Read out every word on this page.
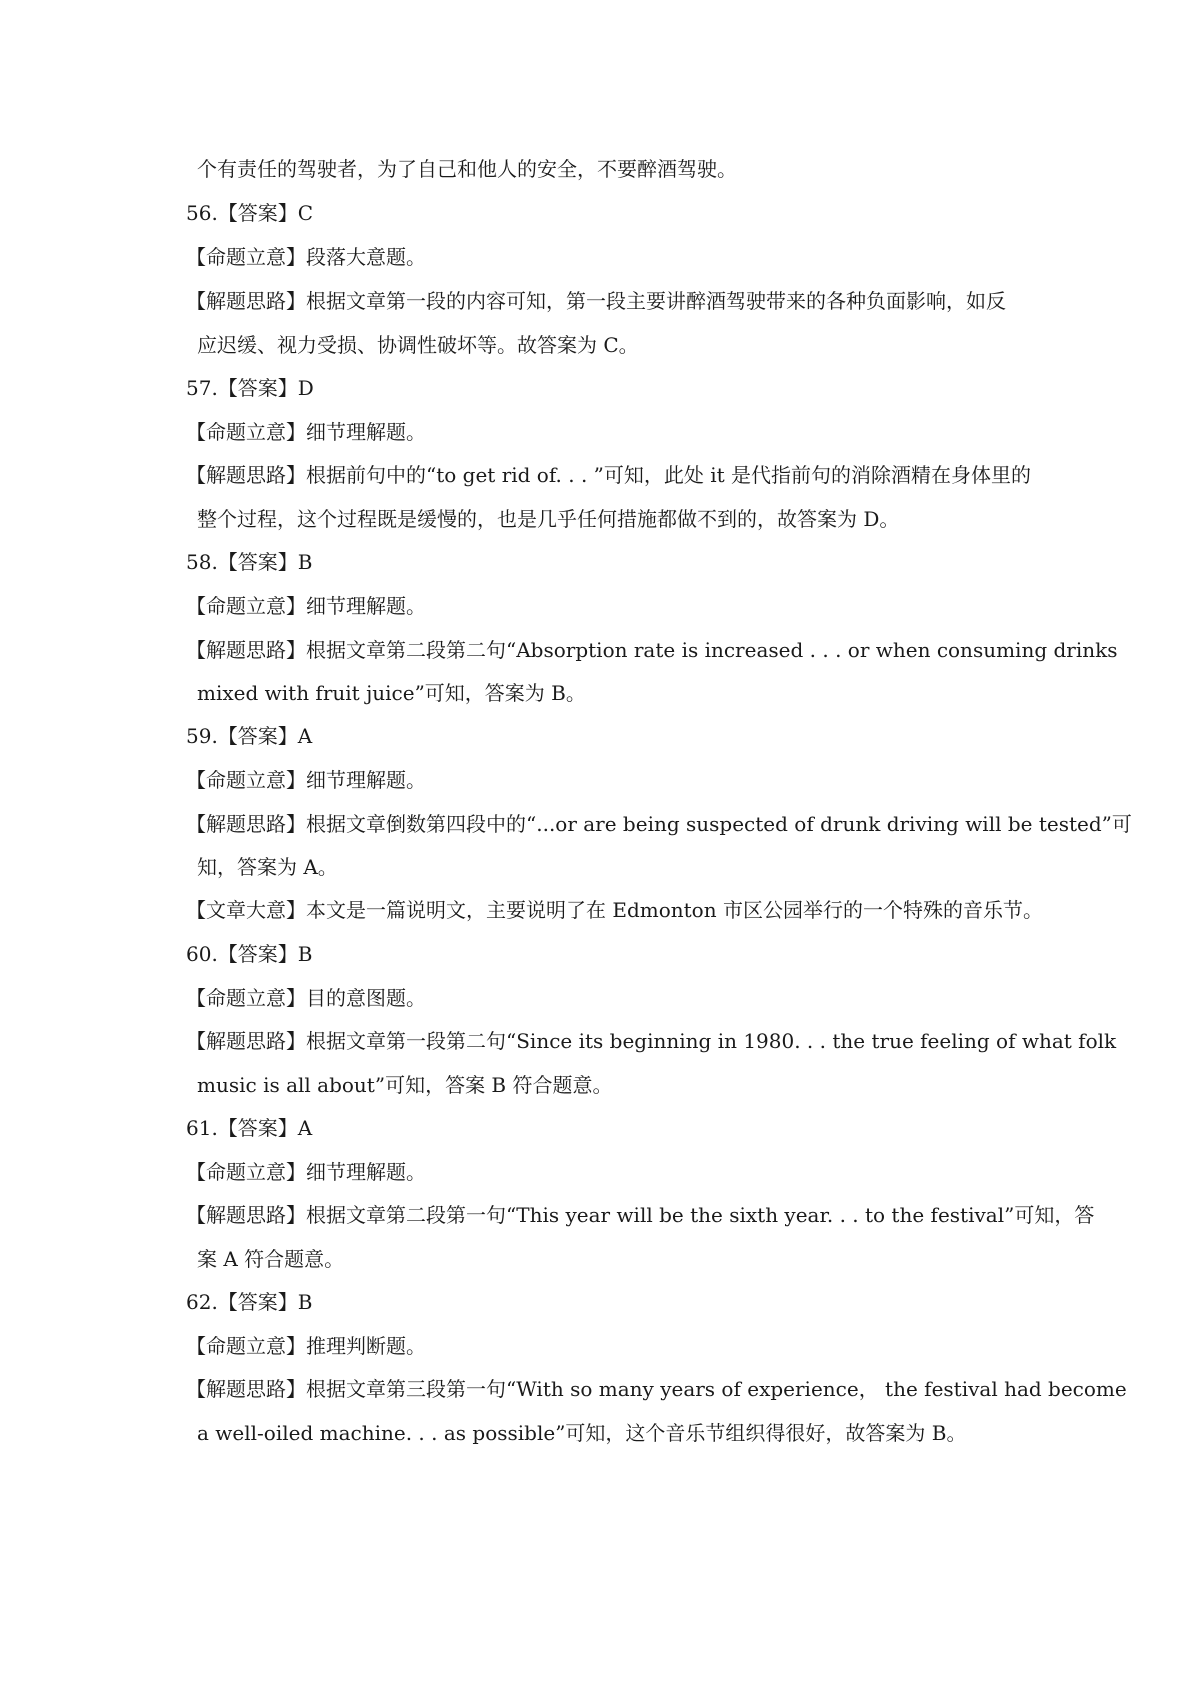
个有责任的驾驶者，为了自己和他人的安全，不要醉酒驾驶。
56.【答案】C
【命题立意】段落大意题。
【解题思路】根据文章第一段的内容可知，第一段主要讲醉酒驾驶带来的各种负面影响，如反
应迟缓、视力受损、协调性破坏等。故答案为 C。
57.【答案】D
【命题立意】细节理解题。
【解题思路】根据前句中的“to get rid of. . . ”可知，此处 it 是代指前句的消除酒精在身体里的
整个过程，这个过程既是缓慢的，也是几乎任何措施都做不到的，故答案为 D。
58.【答案】B
【命题立意】细节理解题。
【解题思路】根据文章第二段第二句“Absorption rate is increased . . . or when consuming drinks
mixed with fruit juice”可知，答案为 B。
59.【答案】A
【命题立意】细节理解题。
【解题思路】根据文章倒数第四段中的“...or are being suspected of drunk driving will be tested”可
知，答案为 A。
【文章大意】本文是一篇说明文，主要说明了在 Edmonton 市区公园举行的一个特殊的音乐节。
60.【答案】B
【命题立意】目的意图题。
【解题思路】根据文章第一段第二句“Since its beginning in 1980. . . the true feeling of what folk
music is all about”可知，答案 B 符合题意。
61.【答案】A
【命题立意】细节理解题。
【解题思路】根据文章第二段第一句“This year will be the sixth year. . . to the festival”可知，答
案 A 符合题意。
62.【答案】B
【命题立意】推理判断题。
【解题思路】根据文章第三段第一句“With so many years of experience， the festival had become
a well-oiled machine. . . as possible”可知，这个音乐节组织得很好，故答案为 B。
